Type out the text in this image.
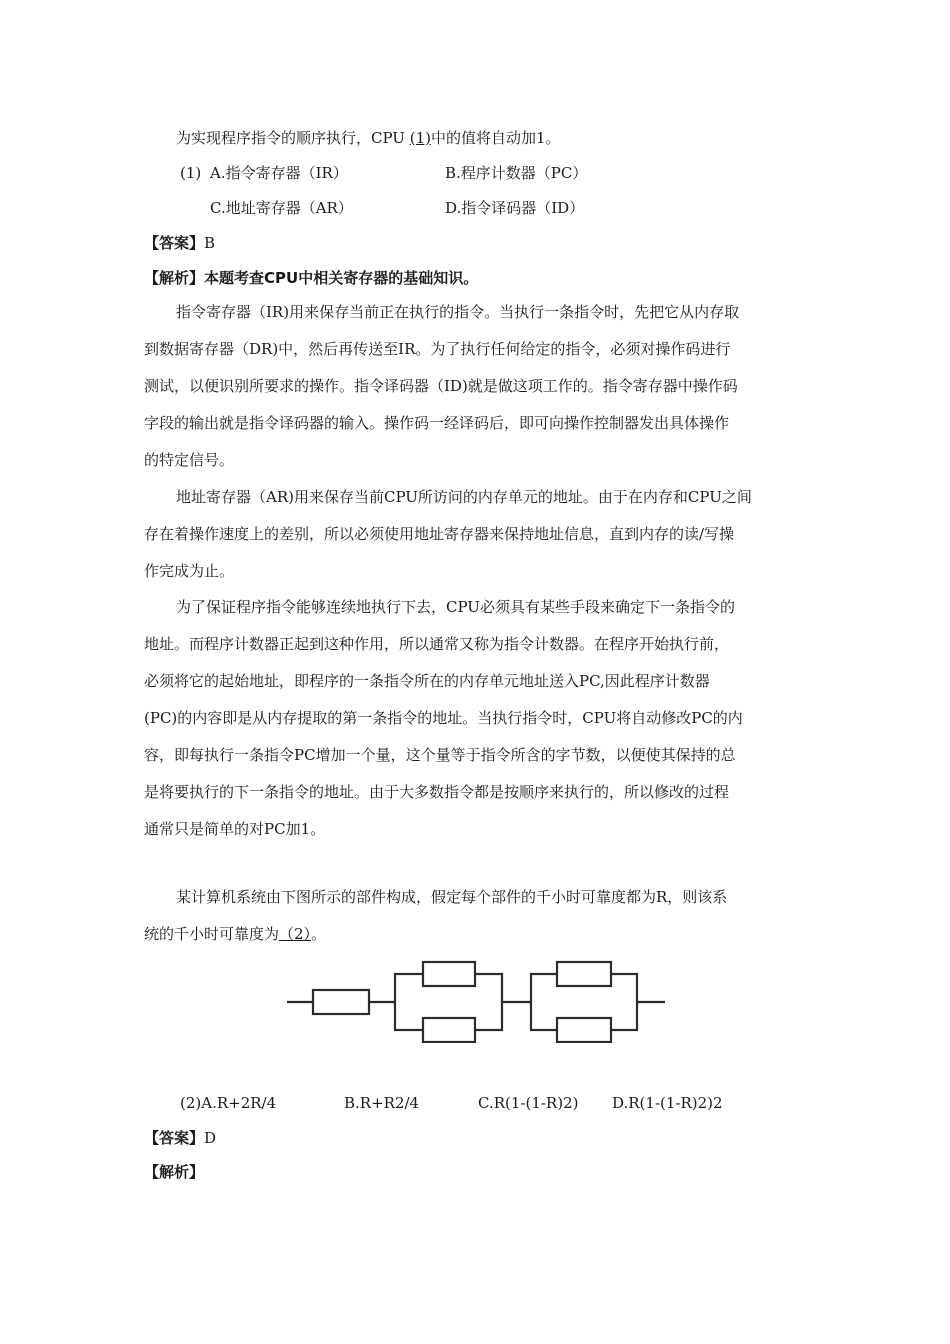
为实现程序指令的顺序执行，CPU (1)中的值将自动加1。
(1) A.指令寄存器（IR）	B.程序计数器（PC）
C.地址寄存器（AR）	D.指令译码器（ID）
【答案】B
【解析】本题考查CPU中相关寄存器的基础知识。
指令寄存器（IR)用来保存当前正在执行的指令。当执行一条指令时，先把它从内存取
到数据寄存器（DR)中，然后再传送至IR。为了执行任何给定的指令，必须对操作码进行
测试，以便识别所要求的操作。指令译码器（ID)就是做这项工作的。指令寄存器中操作码
字段的输出就是指令译码器的输入。操作码一经译码后，即可向操作控制器发出具体操作
的特定信号。
地址寄存器（AR)用来保存当前CPU所访问的内存单元的地址。由于在内存和CPU之间
存在着操作速度上的差别，所以必须使用地址寄存器来保持地址信息，直到内存的读/写操
作完成为止。
为了保证程序指令能够连续地执行下去，CPU必须具有某些手段来确定下一条指令的
地址。而程序计数器正起到这种作用，所以通常又称为指令计数器。在程序开始执行前，
必须将它的起始地址，即程序的一条指令所在的内存单元地址送入PC,因此程序计数器
(PC)的内容即是从内存提取的第一条指令的地址。当执行指令时，CPU将自动修改PC的内
容，即每执行一条指令PC增加一个量，这个量等于指令所含的字节数，以便使其保持的总
是将要执行的下一条指令的地址。由于大多数指令都是按顺序来执行的，所以修改的过程
通常只是简单的对PC加1。
某计算机系统由下图所示的部件构成，假定每个部件的千小时可靠度都为R，则该系
统的千小时可靠度为（2）。
(2)A.R+2R/4	B.R+R2/4	C.R(1-(1-R)2) D.R(1-(1-R)2)2
【答案】D
【解析】
